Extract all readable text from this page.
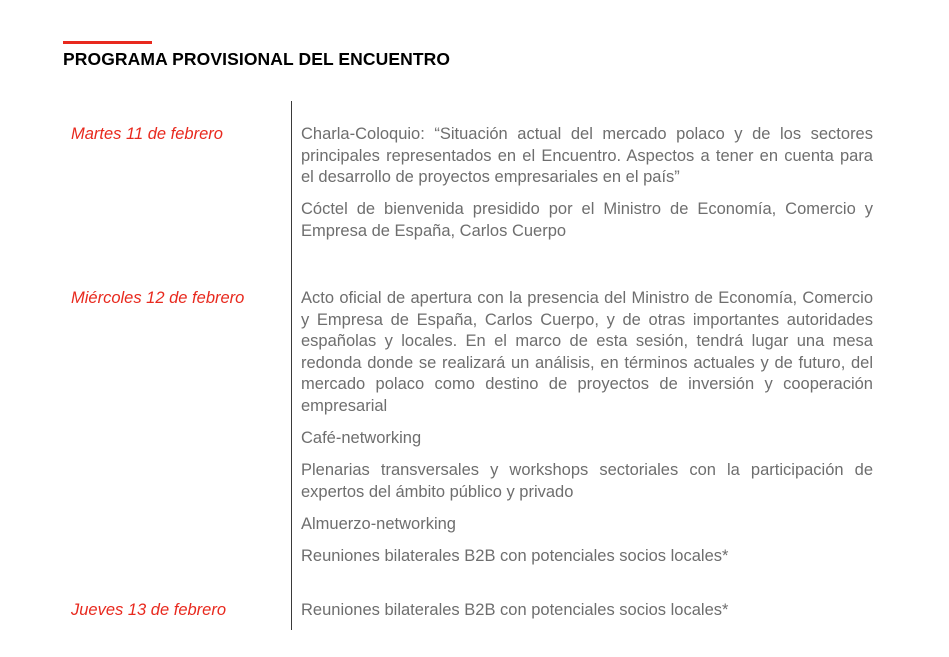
PROGRAMA PROVISIONAL DEL ENCUENTRO
Martes 11 de febrero	Charla-Coloquio: “Situación actual del mercado polaco y de los sectores principales representados en el Encuentro. Aspectos a tener en cuenta para el desarrollo de proyectos empresariales en el país”

Cóctel de bienvenida presidido por el Ministro de Economía, Comercio y Empresa de España, Carlos Cuerpo

Miércoles 12 de febrero	Acto oficial de apertura con la presencia del Ministro de Economía, Comercio y Empresa de España, Carlos Cuerpo, y de otras importantes autoridades españolas y locales. En el marco de esta sesión, tendrá lugar una mesa redonda donde se realizará un análisis, en términos actuales y de futuro, del mercado polaco como destino de proyectos de inversión y cooperación empresarial

Café-networking

Plenarias transversales y workshops sectoriales con la participación de expertos del ámbito público y privado

Almuerzo-networking

Reuniones bilaterales B2B con potenciales socios locales*

Jueves 13 de febrero	Reuniones bilaterales B2B con potenciales socios locales*
